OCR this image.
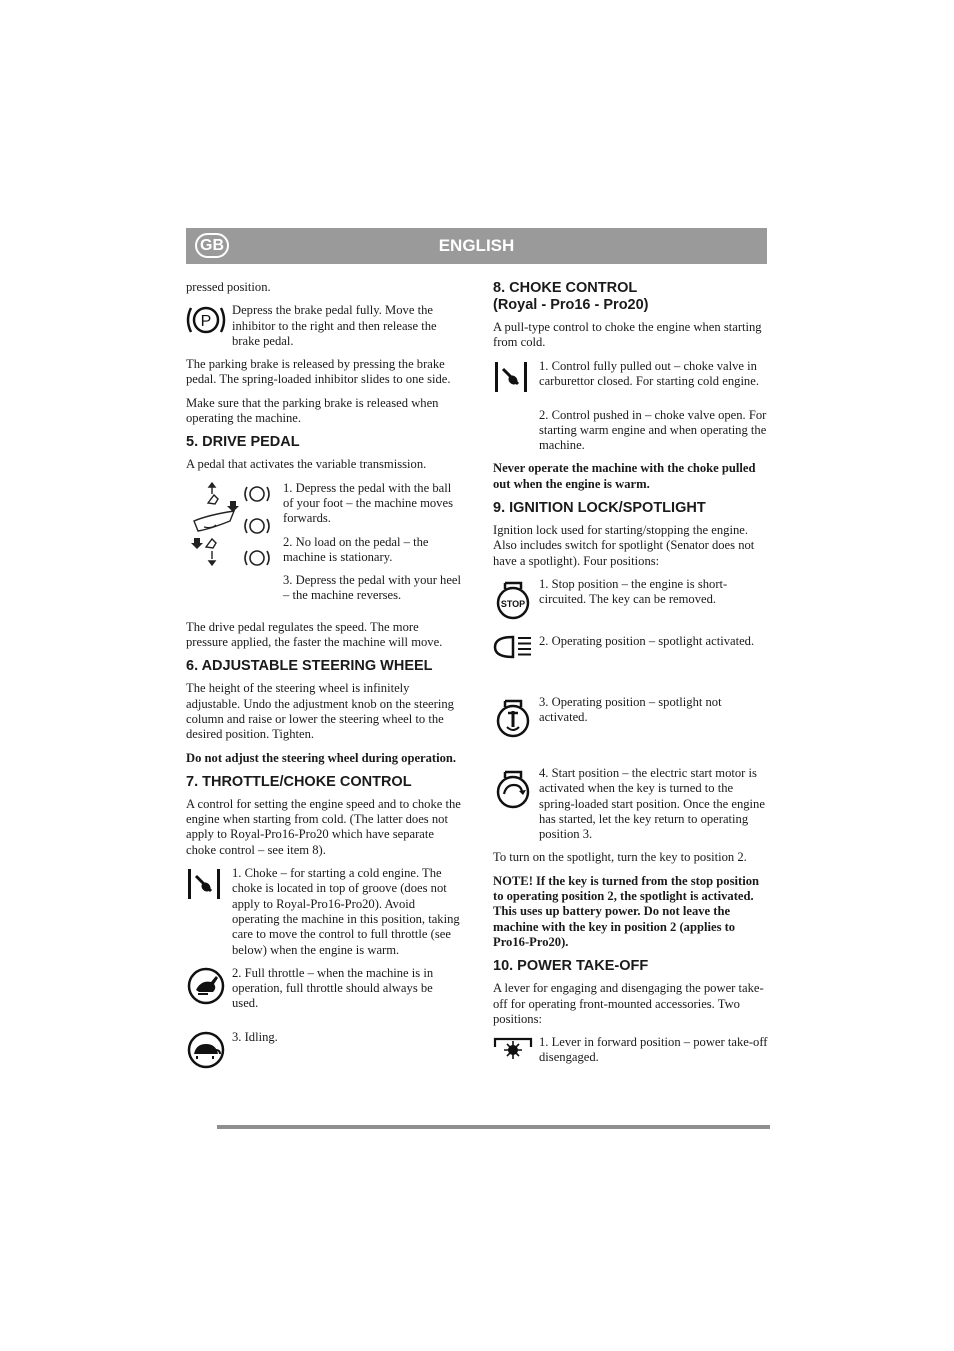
GB	ENGLISH

pressed position.

P

Depress the brake pedal fully. Move the inhibitor to the right and then release the brake pedal.

The parking brake is released by pressing the brake pedal. The spring-loaded inhibitor slides to one side.

Make sure that the parking brake is released when operating the machine.

5. DRIVE PEDAL

A pedal that activates the variable transmission.

1. Depress the pedal with the ball of your foot – the machine moves forwards.

2. No load on the pedal – the machine is stationary.

3. Depress the pedal with your heel – the machine reverses.

The drive pedal regulates the speed. The more pressure applied, the faster the machine will move.

6. ADJUSTABLE STEERING WHEEL

The height of the steering wheel is infinitely adjustable. Undo the adjustment knob on the steering column and raise or lower the steering wheel to the desired position. Tighten.

Do not adjust the steering wheel during operation.

7. THROTTLE/CHOKE CONTROL

A control for setting the engine speed and to choke the engine when starting from cold. (The latter does not apply to Royal-Pro16-Pro20 which have separate choke control – see item 8).

1. Choke – for starting a cold engine. The choke is located in top of groove (does not apply to Royal-Pro16-Pro20). Avoid operating the machine in this position, taking care to move the control to full throttle (see below) when the engine is warm.

2. Full throttle – when the machine is in operation, full throttle should always be used.

3. Idling.

8. CHOKE CONTROL
(Royal - Pro16 - Pro20)

A pull-type control to choke the engine when starting from cold.

1. Control fully pulled out – choke valve in carburettor closed. For starting cold engine.

2. Control pushed in – choke valve open. For starting warm engine and when operating the machine.

Never operate the machine with the choke pulled out when the engine is warm.

9. IGNITION LOCK/SPOTLIGHT

Ignition lock used for starting/stopping the engine. Also includes switch for spotlight (Senator does not have a spotlight). Four positions:

STOP

1. Stop position – the engine is short-circuited. The key can be removed.

2. Operating position – spotlight activated.

3. Operating position – spotlight not activated.

4. Start position – the electric start motor is activated when the key is turned to the spring-loaded start position. Once the engine has started, let the key return to operating position 3.

To turn on the spotlight, turn the key to position 2.

NOTE! If the key is turned from the stop position to operating position 2, the spotlight is activated. This uses up battery power. Do not leave the machine with the key in position 2 (applies to Pro16-Pro20).

10. POWER TAKE-OFF

A lever for engaging and disengaging the power take-off for operating front-mounted accessories. Two positions:

1. Lever in forward position – power take-off disengaged.
